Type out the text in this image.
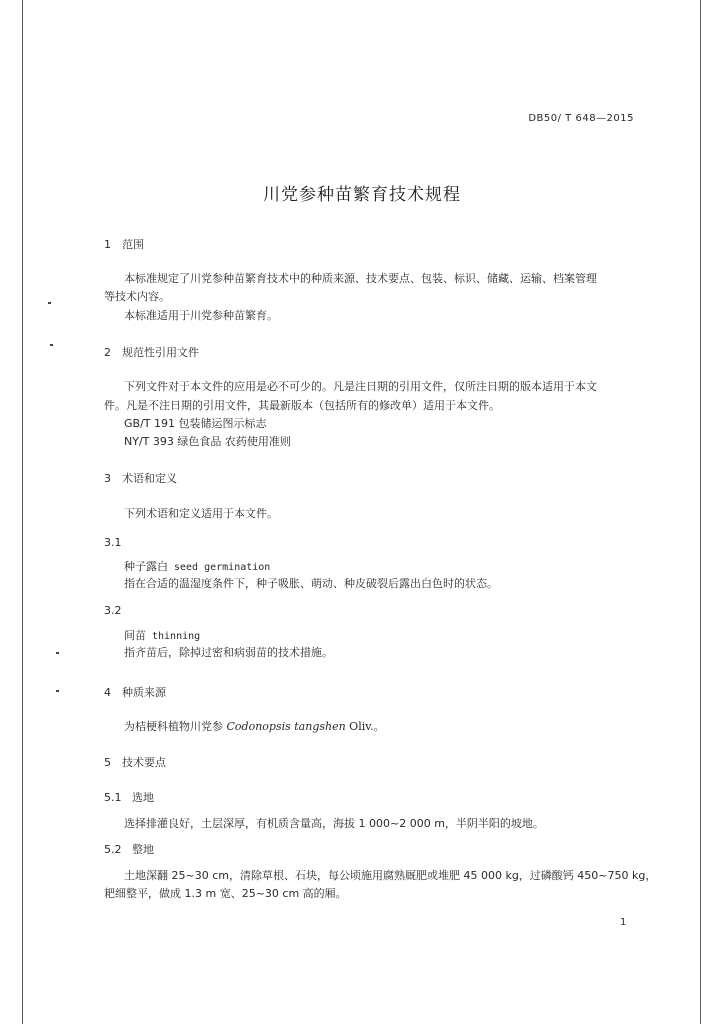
DB50/ T 648—2015
川党参种苗繁育技术规程
1 范围
本标准规定了川党参种苗繁育技术中的种质来源、技术要点、包装、标识、储藏、运输、档案管理
等技术内容。
本标准适用于川党参种苗繁育。
2 规范性引用文件
下列文件对于本文件的应用是必不可少的。凡是注日期的引用文件，仅所注日期的版本适用于本文
件。凡是不注日期的引用文件，其最新版本（包括所有的修改单）适用于本文件。
GB/T 191 包装储运图示标志
NY/T 393 绿色食品 农药使用准则
3 术语和定义
下列术语和定义适用于本文件。
3.1
种子露白 seed germination
指在合适的温湿度条件下，种子吸胀、萌动、种皮破裂后露出白色时的状态。
3.2
间苗 thinning
指齐苗后，除掉过密和病弱苗的技术措施。
4 种质来源
为桔梗科植物川党参 Codonopsis tangshen Oliv.。
5 技术要点
5.1 选地
选择排灌良好，土层深厚，有机质含量高，海拔 1 000~2 000 m，半阴半阳的坡地。
5.2 整地
土地深翻 25~30 cm，清除草根、石块，每公顷施用腐熟厩肥或堆肥 45 000 kg，过磷酸钙 450~750 kg，
耙细整平，做成 1.3 m 宽、25~30 cm 高的厢。
1
